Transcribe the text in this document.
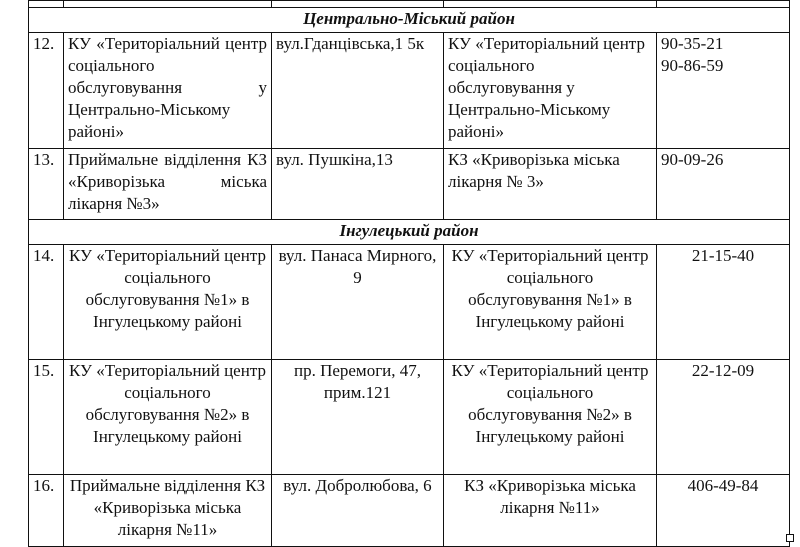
Центрально-Міський район				
12.	КУ «Територіальний центр соціального обслуговування у Центрально-Міському районі»	вул.Гданцівська,1 5к	КУ «Територіальний центр соціального обслуговування у Центрально-Міському районі»	90-35-21
90-86-59

13.	Приймальне відділення КЗ «Криворізька міська лікарня №3»	вул. Пушкіна,13	КЗ «Криворізька міська лікарня № 3»	90-09-26

Інгулецький район				
14.	КУ «Територіальний центр соціального обслуговування №1» в Інгулецькому районі	вул. Панаса Мирного, 9	КУ «Територіальний центр соціального обслуговування №1» в Інгулецькому районі	21-15-40

15.	КУ «Територіальний центр соціального обслуговування №2» в Інгулецькому районі	пр. Перемоги, 47, прим.121	КУ «Територіальний центр соціального обслуговування №2» в Інгулецькому районі	22-12-09

16.	Приймальне відділення КЗ «Криворізька міська лікарня №11»	вул. Добролюбова, 6	КЗ «Криворізька міська лікарня №11»	406-49-84
